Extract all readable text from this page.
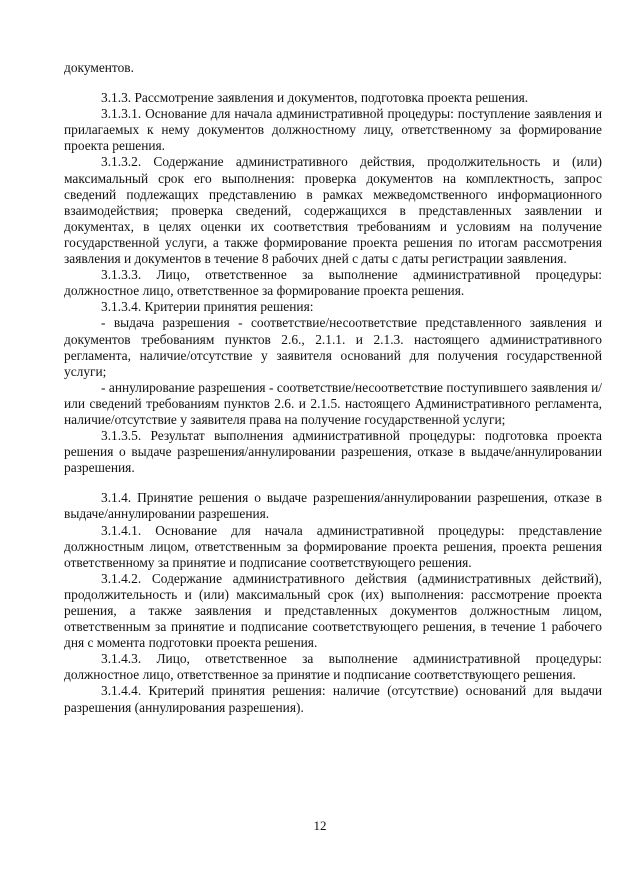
документов.

3.1.3. Рассмотрение заявления и документов, подготовка проекта решения.

3.1.3.1. Основание для начала административной процедуры: поступление заявления и прилагаемых к нему документов должностному лицу, ответственному за формирование проекта решения.

3.1.3.2. Содержание административного действия, продолжительность и (или) максимальный срок его выполнения: проверка документов на комплектность, запрос сведений подлежащих представлению в рамках межведомственного информационного взаимодействия; проверка сведений, содержащихся в представленных заявлении и документах, в целях оценки их соответствия требованиям и условиям на получение государственной услуги, а также формирование проекта решения по итогам рассмотрения заявления и документов в течение 8 рабочих дней с даты с даты регистрации заявления.

3.1.3.3. Лицо, ответственное за выполнение административной процедуры: должностное лицо, ответственное за формирование проекта решения.

3.1.3.4. Критерии принятия решения:

- выдача разрешения - соответствие/несоответствие представленного заявления и документов требованиям пунктов 2.6., 2.1.1. и 2.1.3. настоящего административного регламента, наличие/отсутствие у заявителя оснований для получения государственной услуги;

- аннулирование разрешения - соответствие/несоответствие поступившего заявления и/или сведений требованиям пунктов 2.6. и 2.1.5. настоящего Административного регламента, наличие/отсутствие у заявителя права на получение государственной услуги;

3.1.3.5. Результат выполнения административной процедуры: подготовка проекта решения о выдаче разрешения/аннулировании разрешения, отказе в выдаче/аннулировании разрешения.

3.1.4. Принятие решения о выдаче разрешения/аннулировании разрешения, отказе в выдаче/аннулировании разрешения.

3.1.4.1. Основание для начала административной процедуры: представление должностным лицом, ответственным за формирование проекта решения, проекта решения ответственному за принятие и подписание соответствующего решения.

3.1.4.2. Содержание административного действия (административных действий), продолжительность и (или) максимальный срок (их) выполнения: рассмотрение проекта решения, а также заявления и представленных документов должностным лицом, ответственным за принятие и подписание соответствующего решения, в течение 1 рабочего дня с момента подготовки проекта решения.

3.1.4.3. Лицо, ответственное за выполнение административной процедуры: должностное лицо, ответственное за принятие и подписание соответствующего решения.

3.1.4.4. Критерий принятия решения: наличие (отсутствие) оснований для выдачи разрешения (аннулирования разрешения).

12
